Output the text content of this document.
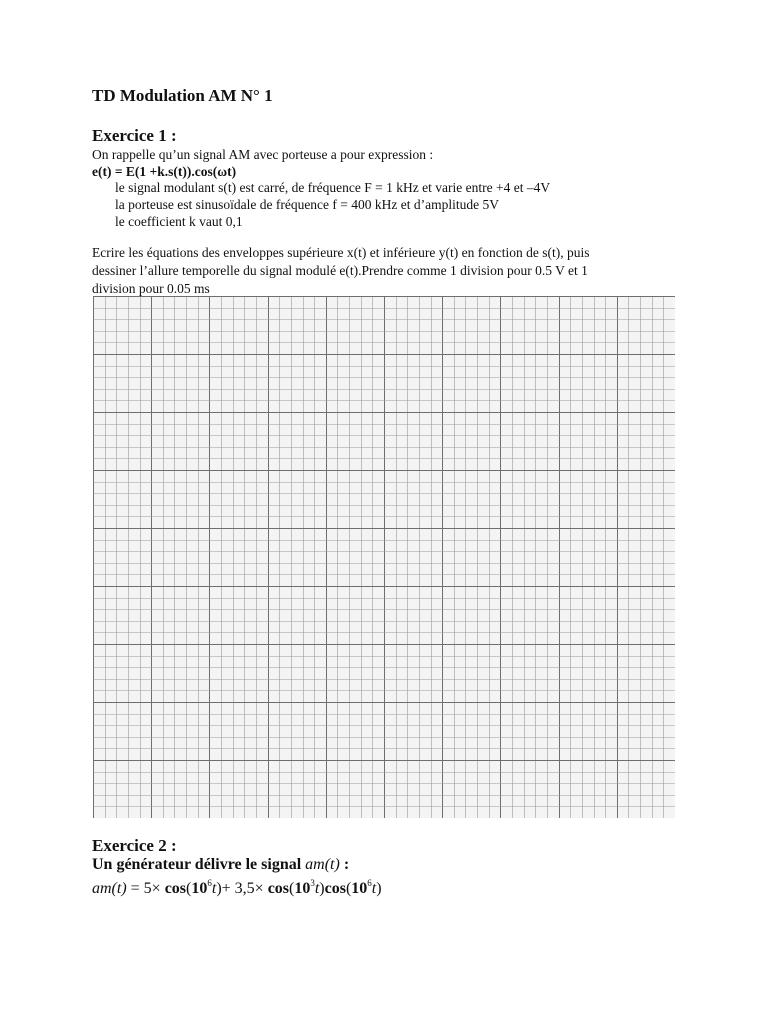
TD Modulation AM N° 1
Exercice 1 :
On rappelle qu’un signal AM avec porteuse a pour expression :
e(t) = E(1 +k.s(t)).cos(ωt)
le signal modulant s(t) est carré, de fréquence F = 1 kHz et varie entre +4 et –4V
la porteuse est sinusoïdale de fréquence f = 400 kHz et d’amplitude 5V
le coefficient k vaut 0,1
Ecrire les équations des enveloppes supérieure x(t) et inférieure y(t) en fonction de s(t), puis
dessiner l’allure temporelle du signal modulé e(t).Prendre comme 1 division pour 0.5 V et 1
division pour 0.05 ms
Exercice 2 :
Un générateur délivre le signal am(t) :
$am(t) = 5\times \cos(10^6t)+ 3,5\times \cos(10^3t)\cos(10^6t)$
